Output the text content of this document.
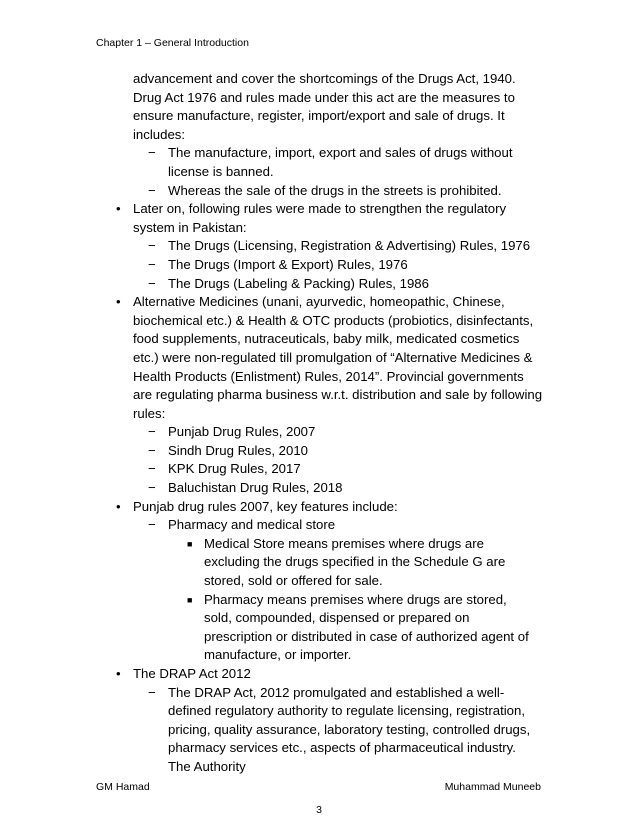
Chapter 1 – General Introduction

advancement and cover the shortcomings of the Drugs Act, 1940. Drug Act 1976 and rules made under this act are the measures to ensure manufacture, register, import/export and sale of drugs. It includes:

− The manufacture, import, export and sales of drugs without license is banned.
− Whereas the sale of the drugs in the streets is prohibited.
• Later on, following rules were made to strengthen the regulatory system in Pakistan:
− The Drugs (Licensing, Registration & Advertising) Rules, 1976
− The Drugs (Import & Export) Rules, 1976
− The Drugs (Labeling & Packing) Rules, 1986
• Alternative Medicines (unani, ayurvedic, homeopathic, Chinese, biochemical etc.) & Health & OTC products (probiotics, disinfectants, food supplements, nutraceuticals, baby milk, medicated cosmetics etc.) were non-regulated till promulgation of “Alternative Medicines & Health Products (Enlistment) Rules, 2014”. Provincial governments are regulating pharma business w.r.t. distribution and sale by following rules:
− Punjab Drug Rules, 2007
− Sindh Drug Rules, 2010
− KPK Drug Rules, 2017
− Baluchistan Drug Rules, 2018
• Punjab drug rules 2007, key features include:
− Pharmacy and medical store
■ Medical Store means premises where drugs are excluding the drugs specified in the Schedule G are stored, sold or offered for sale.
■ Pharmacy means premises where drugs are stored, sold, compounded, dispensed or prepared on prescription or distributed in case of authorized agent of manufacture, or importer.
• The DRAP Act 2012
− The DRAP Act, 2012 promulgated and established a well-defined regulatory authority to regulate licensing, registration, pricing, quality assurance, laboratory testing, controlled drugs, pharmacy services etc., aspects of pharmaceutical industry. The Authority
GM Hamad	Muhammad Muneeb
3
